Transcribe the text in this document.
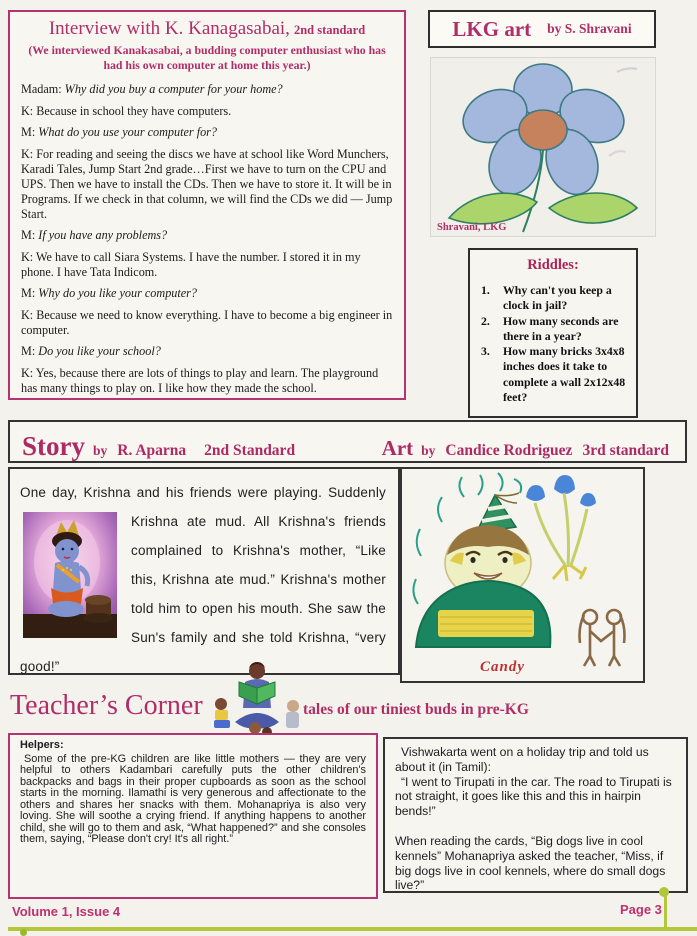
Interview with K. Kanagasabai, 2nd standard
(We interviewed Kanakasabai, a budding computer enthusiast who has had his own computer at home this year.)

Madam: Why did you buy a computer for your home?

K: Because in school they have computers.

M: What do you use your computer for?

K: For reading and seeing the discs we have at school like Word Munchers, Karadi Tales, Jump Start 2nd grade…First we have to turn on the CPU and UPS. Then we have to install the CDs. Then we have to store it. It will be in Programs. If we check in that column, we will find the CDs we did — Jump Start.

M: If you have any problems?

K: We have to call Siara Systems. I have the number. I stored it in my phone. I have Tata Indicom.

M: Why do you like your computer?

K: Because we need to know everything. I have to become a big engineer in computer.

M: Do you like your school?

K: Yes, because there are lots of things to play and learn. The playground has many things to play on. I like how they made the school.

LKG art by S. Shravani
Shravani, LKG
Riddles:
1.	Why can't you keep a clock in jail?
2.	How many seconds are there in a year?
3.	How many bricks 3x4x8 inches does it take to complete a wall 2x12x48 feet?
Story by R. Aparna 2nd Standard	Art by Candice Rodriguez 3rd standard

One day, Krishna and his friends were playing. Suddenly Krishna ate mud. All Krishna's friends complained to Krishna's mother, “Like this, Krishna ate mud.” Krishna's mother told him to open his mouth. She saw the Sun's family and she told Krishna, “very good!”	Candy
Teacher’s Corner	tales of our tiniest buds in pre-KG
Helpers:

Some of the pre-KG children are like little mothers — they are very helpful to others Kadambari carefully puts the other children's backpacks and bags in their proper cupboards as soon as the school starts in the morning. Ilamathi is very generous and affectionate to the others and shares her snacks with them. Mohanapriya is also very loving. She will soothe a crying friend. If anything happens to another child, she will go to them and ask, “What happened?” and she consoles them, saying, “Please don't cry! It's all right.”

Vishwakarta went on a holiday trip and told us about it (in Tamil):

“I went to Tirupati in the car. The road to Tirupati is not straight, it goes like this and this in hairpin bends!”

When reading the cards, “Big dogs live in cool kennels” Mohanapriya asked the teacher, “Miss, if big dogs live in cool kennels, where do small dogs live?”

Volume 1, Issue 4	Page 3
